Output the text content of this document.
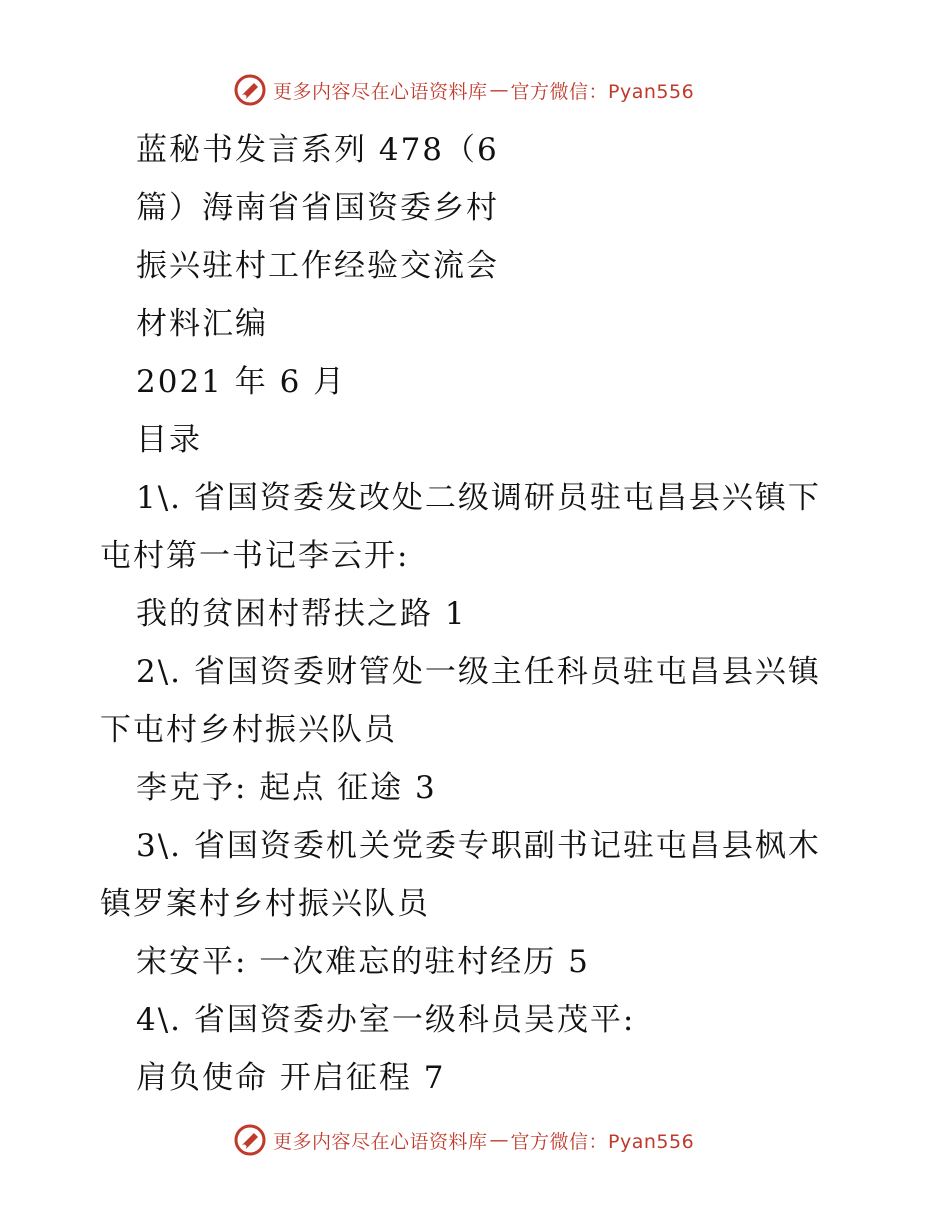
更多内容尽在心语资料库 — 官方微信：Pyan556
蓝秘书发言系列 478（6
篇）海南省省国资委乡村
振兴驻村工作经验交流会
材料汇编
2021 年 6 月
目录
1\. 省国资委发改处二级调研员驻屯昌县兴镇下
屯村第一书记李云开:
我的贫困村帮扶之路 1
2\. 省国资委财管处一级主任科员驻屯昌县兴镇
下屯村乡村振兴队员
李克予: 起点 征途 3
3\. 省国资委机关党委专职副书记驻屯昌县枫木
镇罗案村乡村振兴队员
宋安平: 一次难忘的驻村经历 5
4\. 省国资委办室一级科员吴茂平:
肩负使命 开启征程 7
更多内容尽在心语资料库 — 官方微信：Pyan556
